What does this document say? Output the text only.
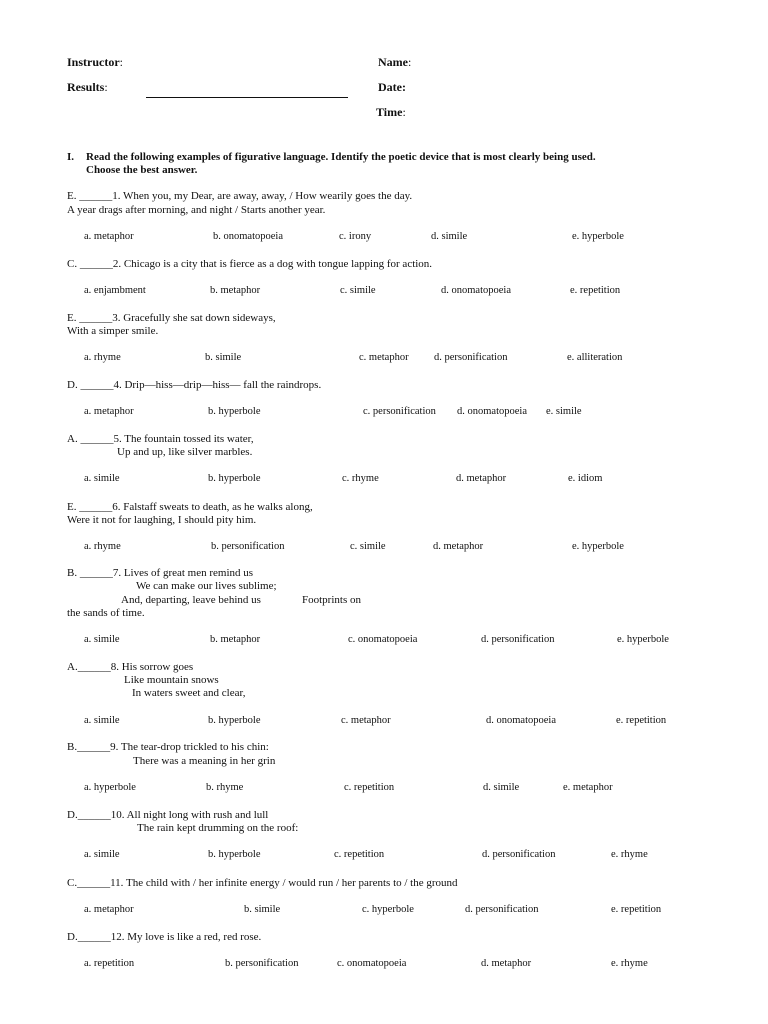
Instructor:
Results:
Name:
Date:
Time:
I. Read the following examples of figurative language. Identify the poetic device that is most clearly being used.
Choose the best answer.
E. ______1. When you, my Dear, are away, away, / How wearily goes the day.
A year drags after morning, and night / Starts another year.
a. metaphor	b. onomatopoeia	c. irony	d. simile	e. hyperbole
C. ______2. Chicago is a city that is fierce as a dog with tongue lapping for action.
a. enjambment	b. metaphor	c. simile	d. onomatopoeia	e. repetition
E. ______3. Gracefully she sat down sideways,
With a simper smile.
a. rhyme	b. simile	c. metaphor d. personification	e. alliteration
D. ______4. Drip—hiss—drip—hiss— fall the raindrops.
a. metaphor	b. hyperbole	c. personification d. onomatopoeia e. simile
A. ______5. The fountain tossed its water,
Up and up, like silver marbles.
a. simile	b. hyperbole	c. rhyme	d. metaphor	e. idiom
E. ______6. Falstaff sweats to death, as he walks along,
Were it not for laughing, I should pity him.
a. rhyme	b. personification	c. simile	d. metaphor	e. hyperbole
B. ______7. Lives of great men remind us
We can make our lives sublime;
And, departing, leave behind us	Footprints on
the sands of time.
a. simile	b. metaphor	c. onomatopoeia	d. personification	e. hyperbole
A.______8. His sorrow goes
Like mountain snows
In waters sweet and clear,
a. simile	b. hyperbole	c. metaphor	d. onomatopoeia	e. repetition
B.______9. The tear-drop trickled to his chin:
There was a meaning in her grin
a. hyperbole	b. rhyme	c. repetition	d. simile	e. metaphor
D.______10. All night long with rush and lull
The rain kept drumming on the roof:
a. simile	b. hyperbole	c. repetition	d. personification	e. rhyme
C.______11. The child with / her infinite energy / would run / her parents to / the ground
a. metaphor	b. simile	c. hyperbole	d. personification	e. repetition
D.______12. My love is like a red, red rose.
a. repetition	b. personification	c. onomatopoeia	d. metaphor	e. rhyme
